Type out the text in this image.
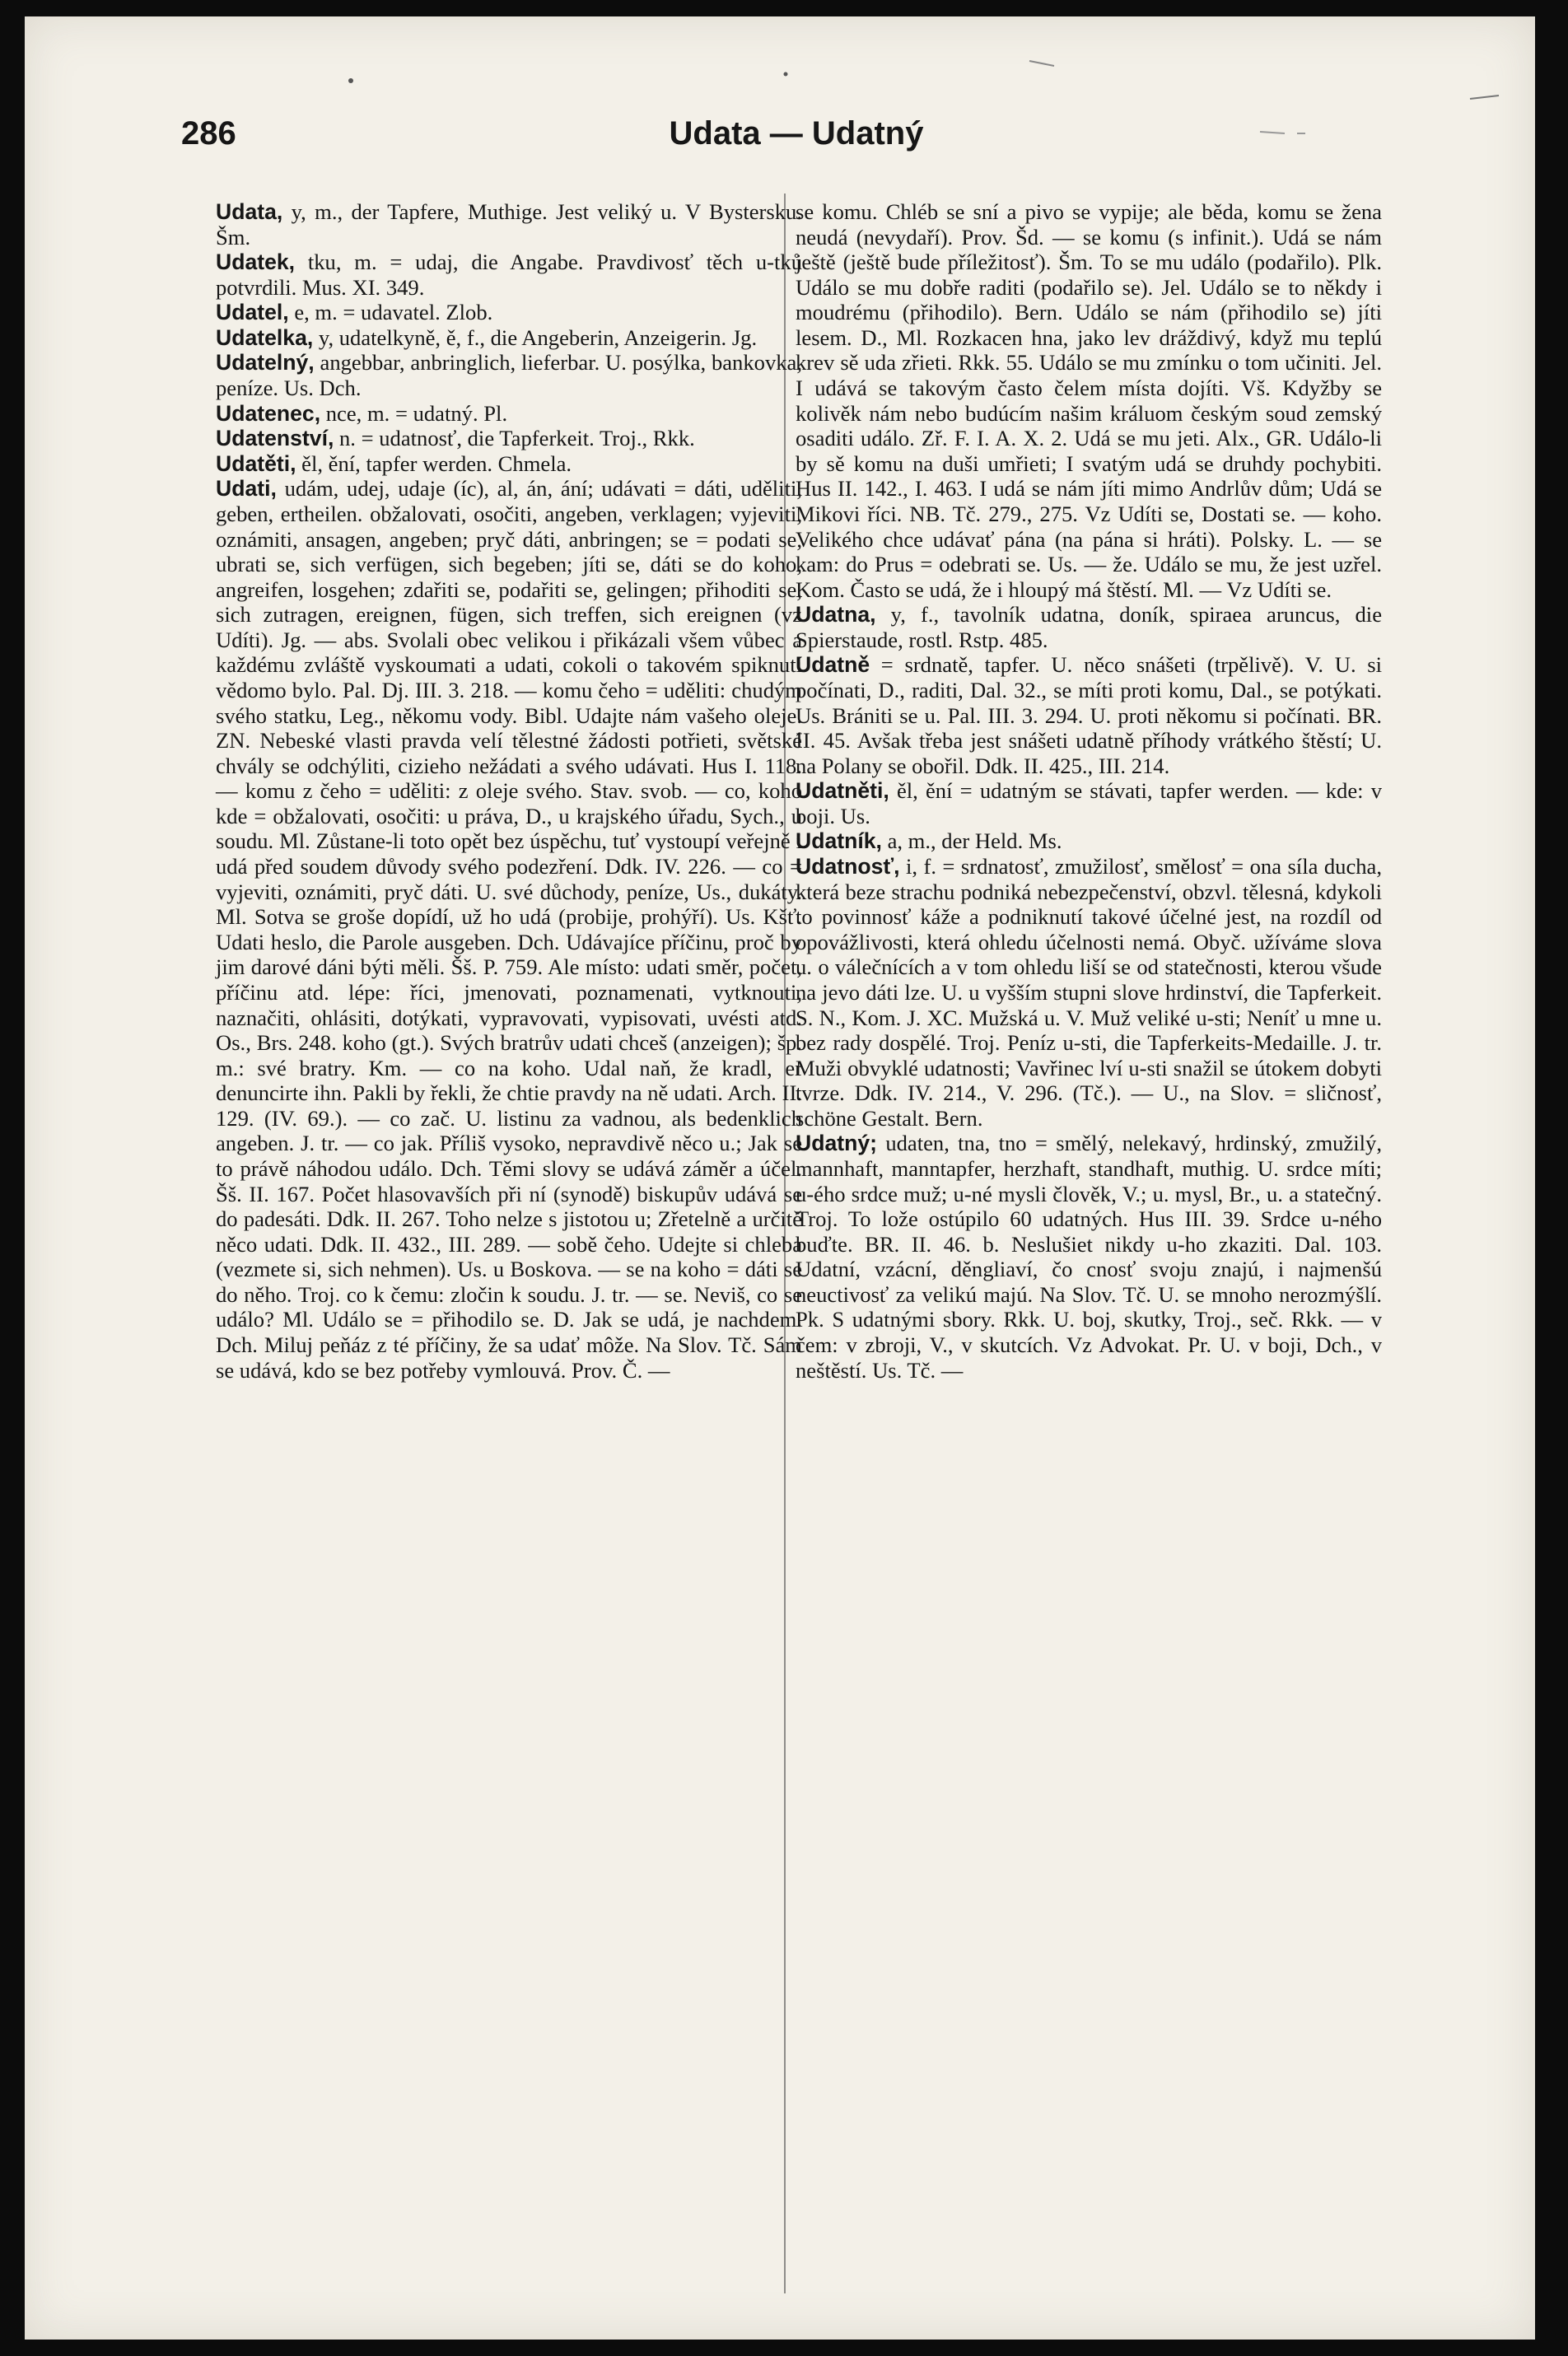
286	Udata — Udatný

Udata, y, m., der Tapfere, Muthige. Jest veliký u. V Bystersku. Šm.

Udatek, tku, m. = udaj, die Angabe. Pravdivosť těch u-tků potvrdili. Mus. XI. 349.

Udatel, e, m. = udavatel. Zlob.

Udatelka, y, udatelkyně, ě, f., die Angeberin, Anzeigerin. Jg.

Udatelný, angebbar, anbringlich, lieferbar. U. posýlka, bankovka, peníze. Us. Dch.

Udatenec, nce, m. = udatný. Pl.

Udatenství, n. = udatnosť, die Tapferkeit. Troj., Rkk.

Udatěti, ěl, ění, tapfer werden. Chmela.

Udati, udám, udej, udaje (íc), al, án, ání; udávati = dáti, uděliti, geben, ertheilen. obžalovati, osočiti, angeben, verklagen; vyjeviti, oznámiti, ansagen, angeben; pryč dáti, anbringen; se = podati se, ubrati se, sich verfügen, sich begeben; jíti se, dáti se do koho, angreifen, losgehen; zdařiti se, podařiti se, gelingen; přihoditi se, sich zutragen, ereignen, fügen, sich treffen, sich ereignen (vz Udíti). Jg. — abs. Svolali obec velikou i přikázali všem vůbec a každému zvláště vyskoumati a udati, cokoli o takovém spiknutí vědomo bylo. Pal. Dj. III. 3. 218. — komu čeho = uděliti: chudým svého statku, Leg., někomu vody. Bibl. Udajte nám vašeho oleje. ZN. Nebeské vlasti pravda velí tělestné žádosti potřieti, světské chvály se odchýliti, cizieho nežádati a svého udávati. Hus I. 118. — komu z čeho = uděliti: z oleje svého. Stav. svob. — co, koho kde = obžalovati, osočiti: u práva, D., u krajského úřadu, Sych., u soudu. Ml. Zůstane-li toto opět bez úspěchu, tuť vystoupí veřejně i udá před soudem důvody svého podezření. Ddk. IV. 226. — co = vyjeviti, oznámiti, pryč dáti. U. své důchody, peníze, Us., dukáty. Ml. Sotva se grošе dopídí, už ho udá (probije, prohýří). Us. Kšť. Udati heslo, die Parole ausgeben. Dch. Udávajíce příčinu, proč by jim darové dáni býti měli. Šš. P. 759. Ale místo: udati směr, počet, příčinu atd. lépe: říci, jmenovati, poznamenati, vytknouti, naznačiti, ohlásiti, dotýkati, vypravovati, vypisovati, uvésti atd. Os., Brs. 248. koho (gt.). Svých bratrův udati chceš (anzeigen); šp. m.: své bratry. Km. — co na koho. Udal naň, že kradl, er denuncirte ihn. Pakli by řekli, že chtie pravdy na ně udati. Arch. II. 129. (IV. 69.). — co zač. U. listinu za vadnou, als bedenklich angeben. J. tr. — co jak. Příliš vysoko, nepravdivě něco u.; Jak se to právě náhodou událo. Dch. Těmi slovy se udává záměr a účel. Šš. II. 167. Počet hlasovavších při ní (synodě) biskupův udává se do padesáti. Ddk. II. 267. Toho nelze s jistotou u; Zřetelně a určitě něco udati. Ddk. II. 432., III. 289. — sobě čeho. Udejte si chleba (vezmete si, sich nehmen). Us. u Boskova. — se na koho = dáti se do něho. Troj. co k čemu: zločin k soudu. J. tr. — se. Neviš, co se událo? Ml. Událo se = přihodilo se. D. Jak se udá, je nachdem. Dch. Miluj peňáz z té příčiny, že sa udať môže. Na Slov. Tč. Sám se udává, kdo se bez potřeby vymlouvá. Prov. Č. —

se komu. Chléb se sní a pivo se vypije; ale běda, komu se žena neudá (nevydaří). Prov. Šd. — se komu (s infinit.). Udá se nám ještě (ještě bude příležitosť). Šm. To se mu událo (podařilo). Plk. Událo se mu dobře raditi (podařilo se). Jel. Událo se to někdy i moudrému (přihodilo). Bern. Událo se nám (přihodilo se) jíti lesem. D., Ml. Rozkacen hna, jako lev dráždivý, když mu teplú krev sě uda zřieti. Rkk. 55. Událo se mu zmínku o tom učiniti. Jel. I udává se takovým často čelem místa dojíti. Vš. Kdyžby se kolivěk nám nebo budúcím našim králuom českým soud zemský osaditi událo. Zř. F. I. A. X. 2. Udá se mu jeti. Alx., GR. Událo-li by sě komu na duši umřieti; I svatým udá se druhdy pochybiti. Hus II. 142., I. 463. I udá se nám jíti mimo Andrlův dům; Udá se Mikovi říci. NB. Tč. 279., 275. Vz Udíti se, Dostati se. — koho. Velikého chce udávať pána (na pána si hráti). Polsky. L. — se kam: do Prus = odebrati se. Us. — že. Událo se mu, že jest uzřel. Kom. Často se udá, že i hloupý má štěstí. Ml. — Vz Udíti se.

Udatna, y, f., tavolník udatna, doník, spiraea aruncus, die Spierstaude, rostl. Rstp. 485.

Udatně = srdnatě, tapfer. U. něco snášeti (trpělivě). V. U. si počínati, D., raditi, Dal. 32., se míti proti komu, Dal., se potýkati. Us. Brániti se u. Pal. III. 3. 294. U. proti někomu si počínati. BR. II. 45. Avšak třeba jest snášeti udatně příhody vrátkého štěstí; U. na Polany se obořil. Ddk. II. 425., III. 214.

Udatněti, ěl, ění = udatným se stávati, tapfer werden. — kde: v boji. Us.

Udatník, a, m., der Held. Ms.

Udatnosť, i, f. = srdnatosť, zmužilosť, smělosť = ona síla ducha, která beze strachu podniká nebezpečenství, obzvl. tělesná, kdykoli to povinnosť káže a podniknutí takové účelné jest, na rozdíl od opovážlivosti, která ohledu účelnosti nemá. Obyč. užíváme slova u. o válečnících a v tom ohledu liší se od statečnosti, kterou všude na jevo dáti lze. U. u vyšším stupni slove hrdinství, die Tapferkeit. S. N., Kom. J. XC. Mužská u. V. Muž veliké u-sti; Neníť u mne u. bez rady dospělé. Troj. Peníz u-sti, die Tapferkeits-Medaille. J. tr. Muži obvyklé udatnosti; Vavřinec lví u-sti snažil se útokem dobyti tvrze. Ddk. IV. 214., V. 296. (Tč.). — U., na Slov. = sličnosť, schöne Gestalt. Bern.

Udatný; udaten, tna, tno = smělý, nelekavý, hrdinský, zmužilý, mannhaft, manntapfer, herzhaft, standhaft, muthig. U. srdce míti; u-ého srdce muž; u-né mysli člověk, V.; u. mysl, Br., u. a statečný. Troj. To lože ostúpilo 60 udatných. Hus III. 39. Srdce u-ného buďte. BR. II. 46. b. Neslušiet nikdy u-ho zkaziti. Dal. 103. Udatní, vzácní, děngliaví, čo cnosť svoju znajú, i najmenšú neuctivosť za velikú majú. Na Slov. Tč. U. se mnoho nerozmýšlí. Pk. S udatnými sbory. Rkk. U. boj, skutky, Troj., seč. Rkk. — v čem: v zbroji, V., v skutcích. Vz Advokat. Pr. U. v boji, Dch., v neštěstí. Us. Tč. —
